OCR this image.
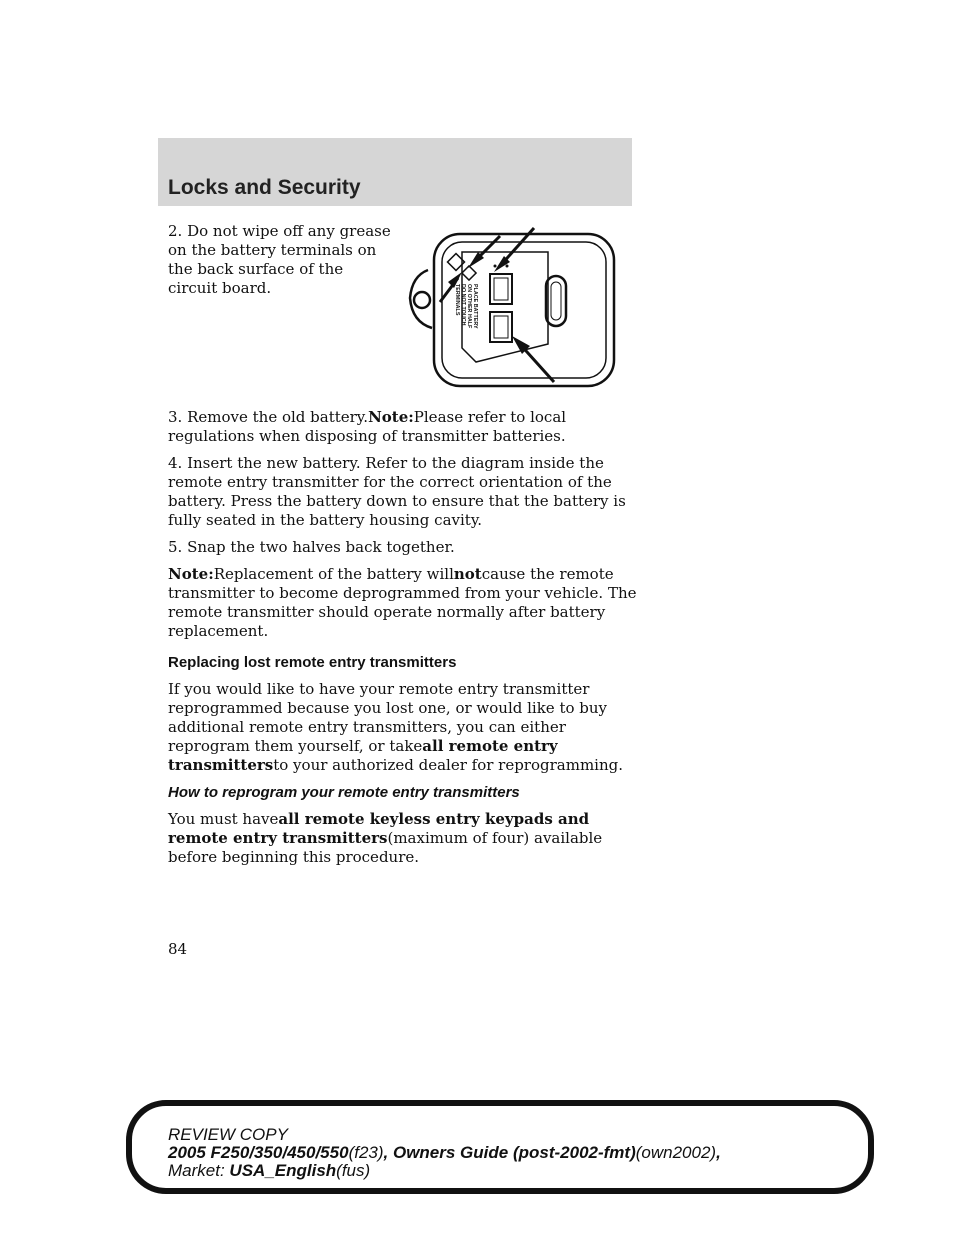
Locks and Security
PLACE BATTERY
ON OTHER HALF
DO NOT TOUCH
TERMINALS

2. Do not wipe off any grease on the battery terminals on the back surface of the circuit board.

3. Remove the old battery.Note:Please refer to local regulations when disposing of transmitter batteries.

4. Insert the new battery. Refer to the diagram inside the remote entry transmitter for the correct orientation of the battery. Press the battery down to ensure that the battery is fully seated in the battery housing cavity.

5. Snap the two halves back together.

Note:Replacement of the battery willnotcause the remote transmitter to become deprogrammed from your vehicle. The remote transmitter should operate normally after battery replacement.

Replacing lost remote entry transmitters

If you would like to have your remote entry transmitter reprogrammed because you lost one, or would like to buy additional remote entry transmitters, you can either reprogram them yourself, or takeall remote entry transmittersto your authorized dealer for reprogramming.

How to reprogram your remote entry transmitters

You must haveall remote keyless entry keypads and remote entry transmitters(maximum of four) available before beginning this procedure.

84
REVIEW COPY
2005 F250/350/450/550(f23), Owners Guide (post-2002-fmt)(own2002),
Market: USA_English(fus)
